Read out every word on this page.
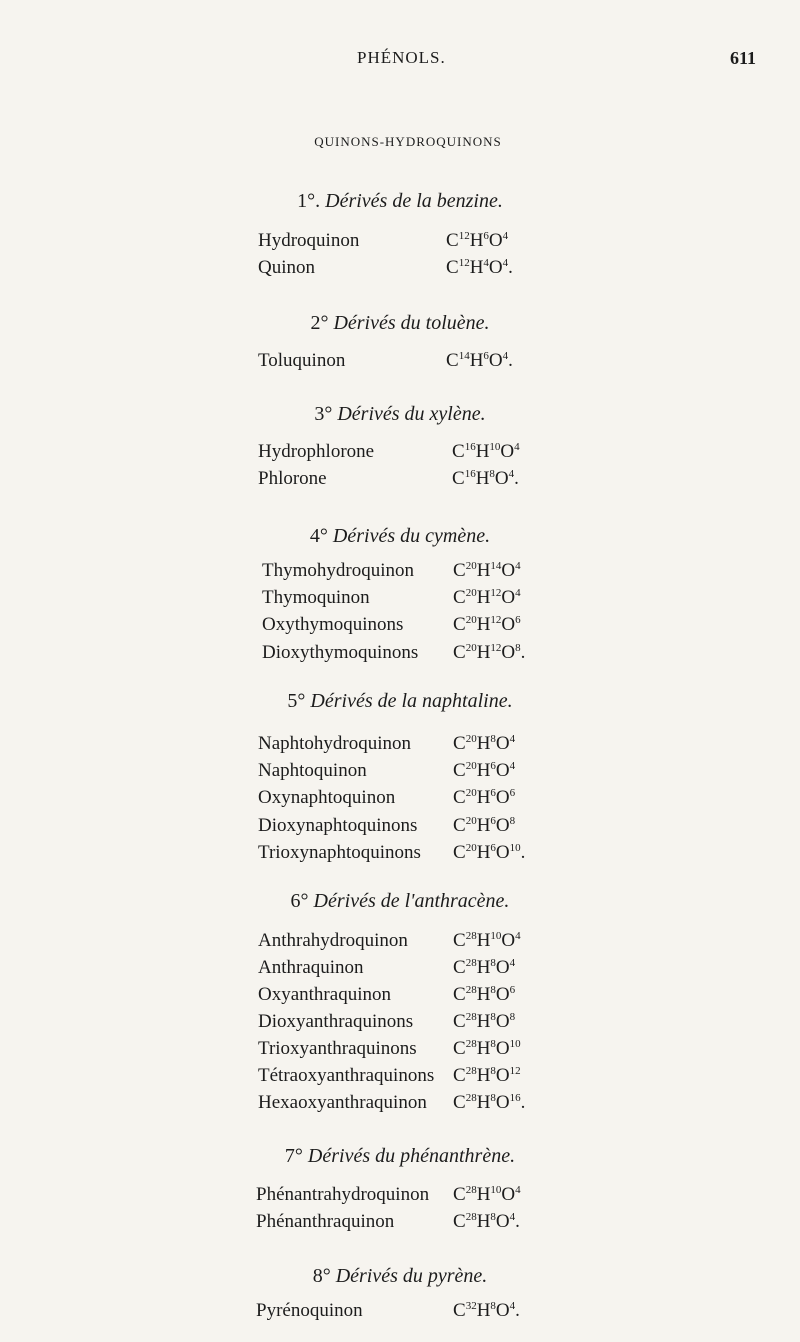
PHÉNOLS.	611
QUINONS-HYDROQUINONS
1°. Dérivés de la benzine.
Hydroquinon	$C^{12}H^6O^4$
Quinon	$C^{12}H^4O^4$.
2° Dérivés du toluène.
Toluquinon	$C^{14}H^6O^4$.
3° Dérivés du xylène.
Hydrophlorone	$C^{16}H^{10}O^4$
Phlorone	$C^{16}H^8O^4$.
4° Dérivés du cymène.
Thymohydroquinon $C^{20}H^{14}O^4$
Thymoquinon	$C^{20}H^{12}O^4$
Oxythymoquinons	$C^{20}H^{12}O^6$
Dioxythymoquinons $C^{20}H^{12}O^8$.
5° Dérivés de la naphtaline.
Naphtohydroquinon $C^{20}H^8O^4$
Naphtoquinon	$C^{20}H^6O^4$
Oxynaphtoquinon	$C^{20}H^6O^6$
Dioxynaphtoquinons $C^{20}H^6O^8$
Trioxynaphtoquinons $C^{20}H^6O^{10}$.
6° Dérivés de l'anthracène.
Anthrahydroquinon $C^{28}H^{10}O^4$
Anthraquinon	$C^{28}H^8O^4$
Oxyanthraquinon	$C^{28}H^8O^6$
Dioxyanthraquinons $C^{28}H^8O^8$
Trioxyanthraquinons $C^{28}H^8O^{10}$
Tétraoxyanthraquinons $C^{28}H^8O^{12}$
Hexaoxyanthraquinon $C^{28}H^8O^{16}$.
7° Dérivés du phénanthrène.
Phénantrahydroquinon $C^{28}H^{10}O^4$
Phénanthraquinon	$C^{28}H^8O^4$.
8° Dérivés du pyrène.
Pyrénoquinon	$C^{32}H^8O^4$.
